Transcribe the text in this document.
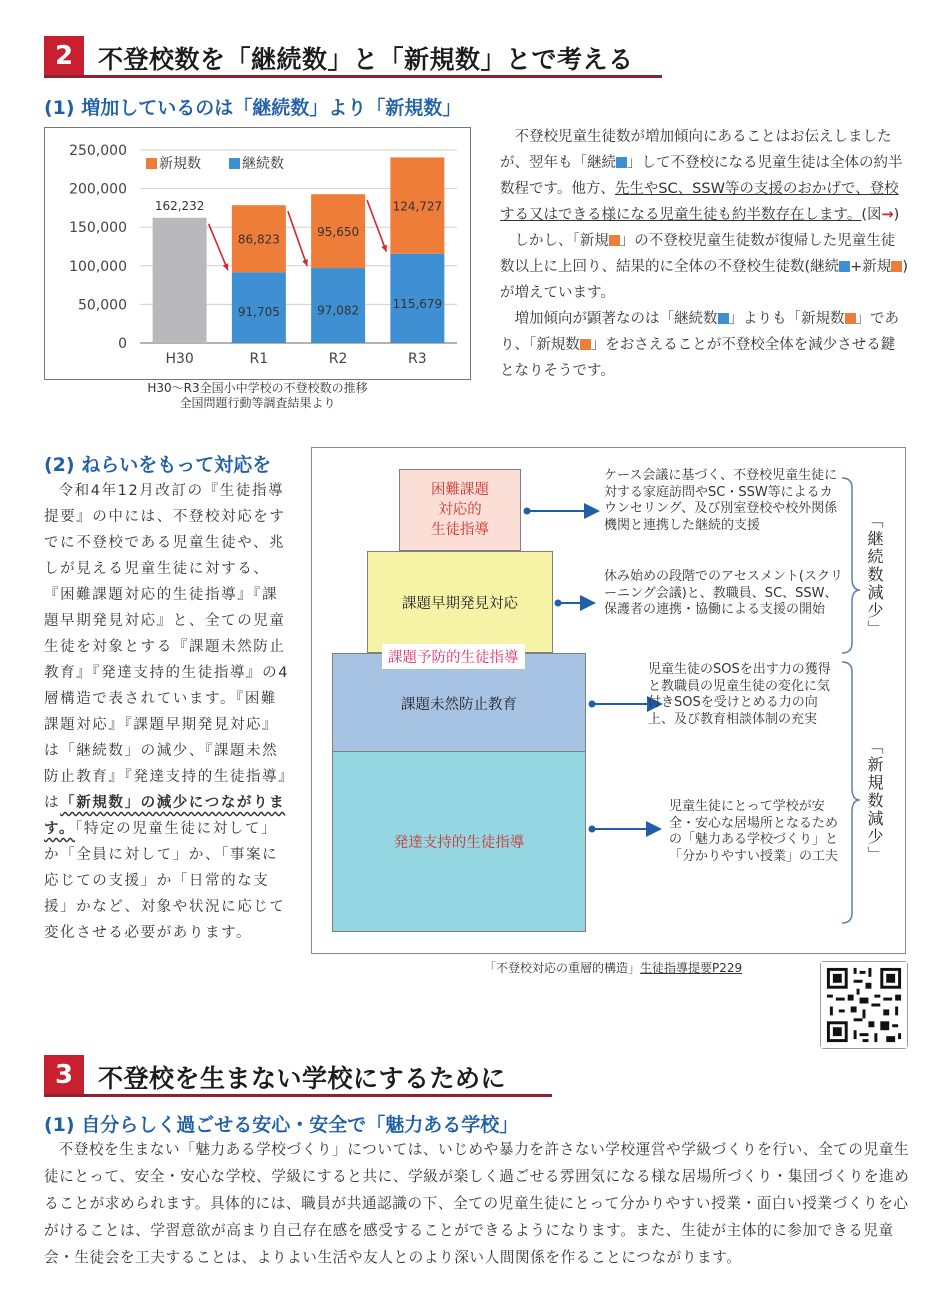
2 不登校数を「継続数」と「新規数」とで考える
(1) 増加しているのは「継続数」より「新規数」
0
50,000
100,000
150,000
200,000
250,000
162,232
H30
86,823
91,705
R1
95,650
97,082
R2
124,727
115,679
R3
新規数	継続数
H30〜R3全国小中学校の不登校数の推移
全国問題行動等調査結果より

不登校児童生徒数が増加傾向にあることはお伝えしましたが、翌年も「継続 」して不登校になる児童生徒は全体の約半数程です。他方、先生やSC、SSW等の支援のおかげで、登校する又はできる様になる児童生徒も約半数存在します。(図→)

しかし、「新規 」の不登校児童生徒数が復帰した児童生徒数以上に上回り、結果的に全体の不登校生徒数(継続 +新規 )が増えています。

増加傾向が顕著なのは「継続数 」よりも「新規数 」であり、「新規数 」をおさえることが不登校全体を減少させる鍵となりそうです。

(2) ねらいをもって対応を

令和4年12月改訂の『生徒指導提要』の中には、不登校対応をすでに不登校である児童生徒や、兆しが見える児童生徒に対する、『困難課題対応的生徒指導』『課題早期発見対応』と、全ての児童生徒を対象とする『課題未然防止教育』『発達支持的生徒指導』の4層構造で表されています。『困難課題対応』『課題早期発見対応』は「継続数」の減少、『課題未然防止教育』『発達支持的生徒指導』は「新規数」の減少につながります。「特定の児童生徒に対して」か「全員に対して」か、「事案に応じての支援」か「日常的な支援」かなど、対象や状況に応じて変化させる必要があります。

困難課題
対応的
生徒指導
課題早期発見対応
課題未然防止教育
発達支持的生徒指導
課題予防的生徒指導
ケース会議に基づく、不登校児童生徒に対する家庭訪問やSC・SSW等によるカウンセリング、及び別室登校や校外関係機関と連携した継続的支援
休み始めの段階でのアセスメント(スクリーニング会議)と、教職員、SC、SSW、保護者の連携・協働による支援の開始
児童生徒のSOSを出す力の獲得と教職員の児童生徒の変化に気付きSOSを受けとめる力の向上、及び教育相談体制の充実
児童生徒にとって学校が安全・安心な居場所となるための「魅力ある学校づくり」と「分かりやすい授業」の工夫
「継続数減少」
「新規数減少」
「不登校対応の重層的構造」生徒指導提要P229
3 不登校を生まない学校にするために
(1) 自分らしく過ごせる安心・安全で「魅力ある学校」

不登校を生まない「魅力ある学校づくり」については、いじめや暴力を許さない学校運営や学級づくりを行い、全ての児童生徒にとって、安全・安心な学校、学級にすると共に、学級が楽しく過ごせる雰囲気になる様な居場所づくり・集団づくりを進めることが求められます。具体的には、職員が共通認識の下、全ての児童生徒にとって分かりやすい授業・面白い授業づくりを心がけることは、学習意欲が高まり自己存在感を感受することができるようになります。また、生徒が主体的に参加できる児童会・生徒会を工夫することは、よりよい生活や友人とのより深い人間関係を作ることにつながります。
